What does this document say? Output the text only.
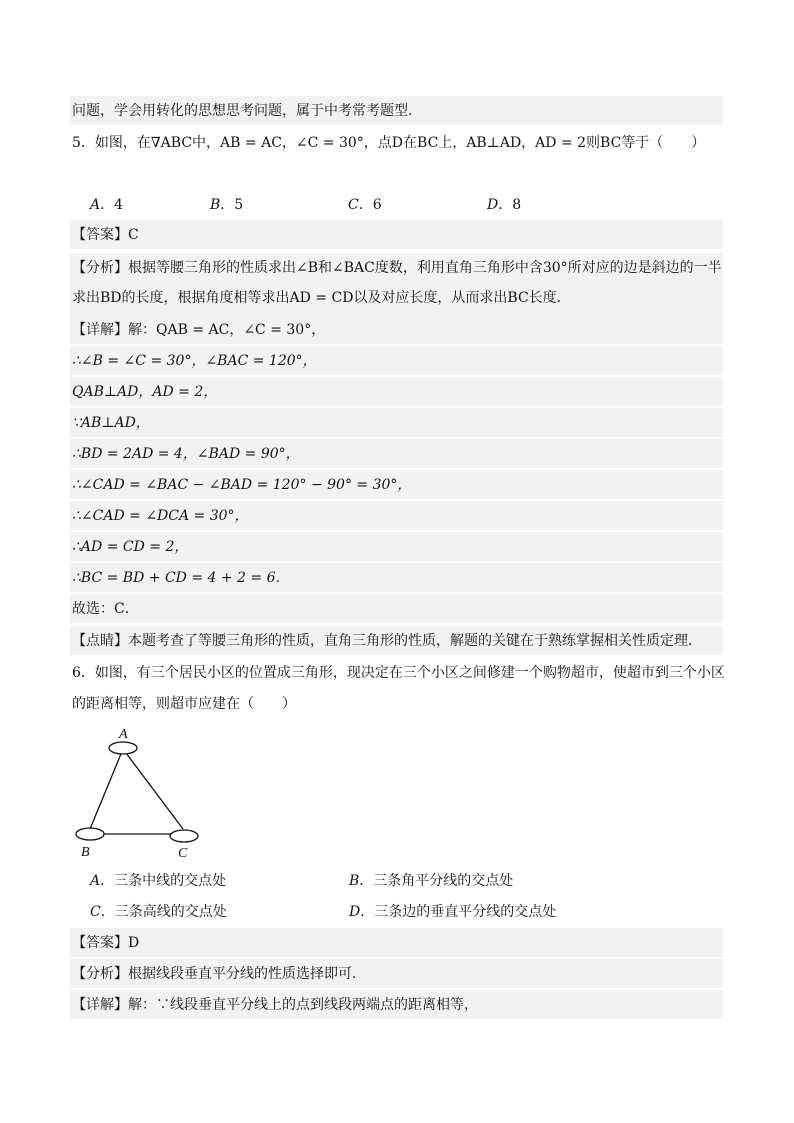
问题，学会用转化的思想思考问题，属于中考常考题型．
5．如图，在∇ABC中，AB = AC，∠C = 30°，点D在BC上，AB⊥AD，AD = 2则BC等于（　　）
A．4	B．5	C．6	D．8
【答案】C
【分析】根据等腰三角形的性质求出∠B和∠BAC度数，利用直角三角形中含30°所对应的边是斜边的一半
求出BD的长度，根据角度相等求出AD = CD以及对应长度，从而求出BC长度．
【详解】解：QAB = AC，∠C = 30°，
∴∠B = ∠C = 30°，∠BAC = 120°，
QAB⊥AD，AD = 2，
∵AB⊥AD，
∴BD = 2AD = 4，∠BAD = 90°，
∴∠CAD = ∠BAC − ∠BAD = 120° − 90° = 30°，
∴∠CAD = ∠DCA = 30°，
∴AD = CD = 2，
∴BC = BD + CD = 4 + 2 = 6．
故选：C．
【点睛】本题考查了等腰三角形的性质，直角三角形的性质，解题的关键在于熟练掌握相关性质定理．
6．如图，有三个居民小区的位置成三角形，现决定在三个小区之间修建一个购物超市，使超市到三个小区
的距离相等，则超市应建在（　　）
A
B	C
A．三条中线的交点处	B．三条角平分线的交点处
C．三条高线的交点处	D．三条边的垂直平分线的交点处
【答案】D
【分析】根据线段垂直平分线的性质选择即可．
【详解】解：∵线段垂直平分线上的点到线段两端点的距离相等，
